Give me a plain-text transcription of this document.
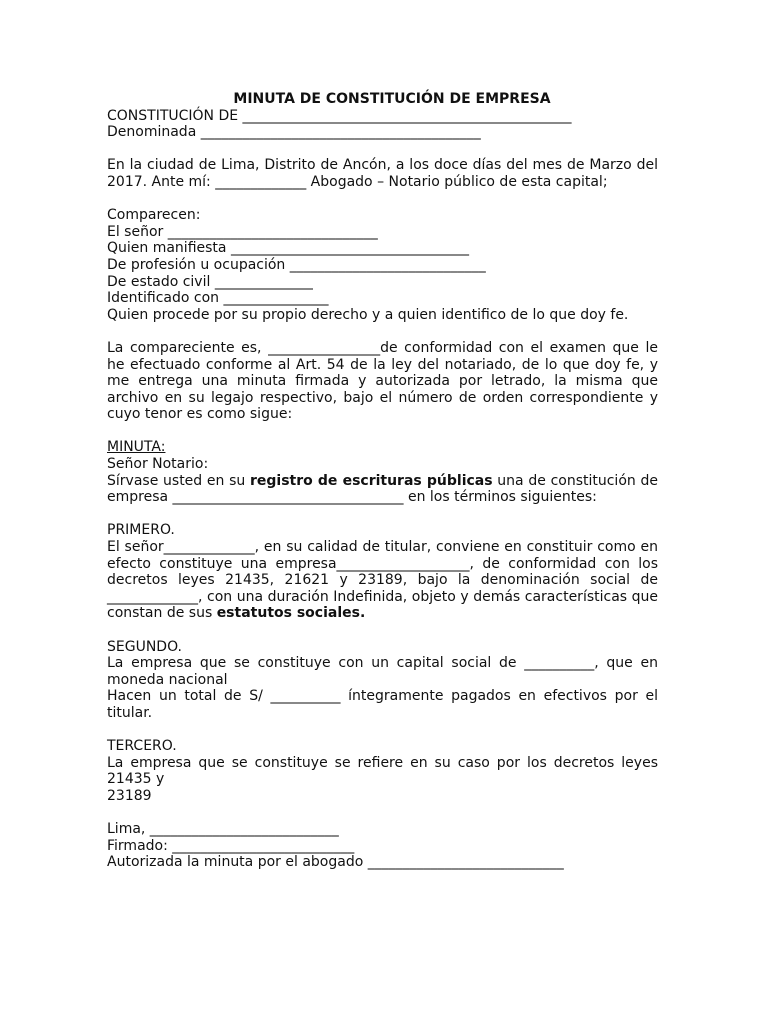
MINUTA DE CONSTITUCIÓN DE EMPRESA

CONSTITUCIÓN DE _______________________________________________

Denominada ________________________________________

En la ciudad de Lima, Distrito de Ancón, a los doce días del mes de Marzo del 2017. Ante mí: _____________ Abogado – Notario público de esta capital;

Comparecen:

El señor ______________________________

Quien manifiesta __________________________________

De profesión u ocupación ____________________________

De estado civil ______________

Identificado con _______________

Quien procede por su propio derecho y a quien identifico de lo que doy fe.

La compareciente es, ________________de conformidad con el examen que le he efectuado conforme al Art. 54 de la ley del notariado, de lo que doy fe, y me entrega una minuta firmada y autorizada por letrado, la misma que archivo en su legajo respectivo, bajo el número de orden correspondiente y cuyo tenor es como sigue:

MINUTA:

Señor Notario:

Sírvase usted en su registro de escrituras públicas una de constitución de empresa _________________________________ en los términos siguientes:

PRIMERO.

El señor_____________, en su calidad de titular, conviene en constituir como en efecto constituye una empresa___________________, de conformidad con los decretos leyes 21435, 21621 y 23189, bajo la denominación social de _____________, con una duración Indefinida, objeto y demás características que constan de sus estatutos sociales.

SEGUNDO.

La empresa que se constituye con un capital social de __________, que en moneda nacional

Hacen un total de S/ __________ íntegramente pagados en efectivos por el titular.

TERCERO.

La empresa que se constituye se refiere en su caso por los decretos leyes 21435 y

23189

Lima, ___________________________

Firmado: __________________________

Autorizada la minuta por el abogado ____________________________
